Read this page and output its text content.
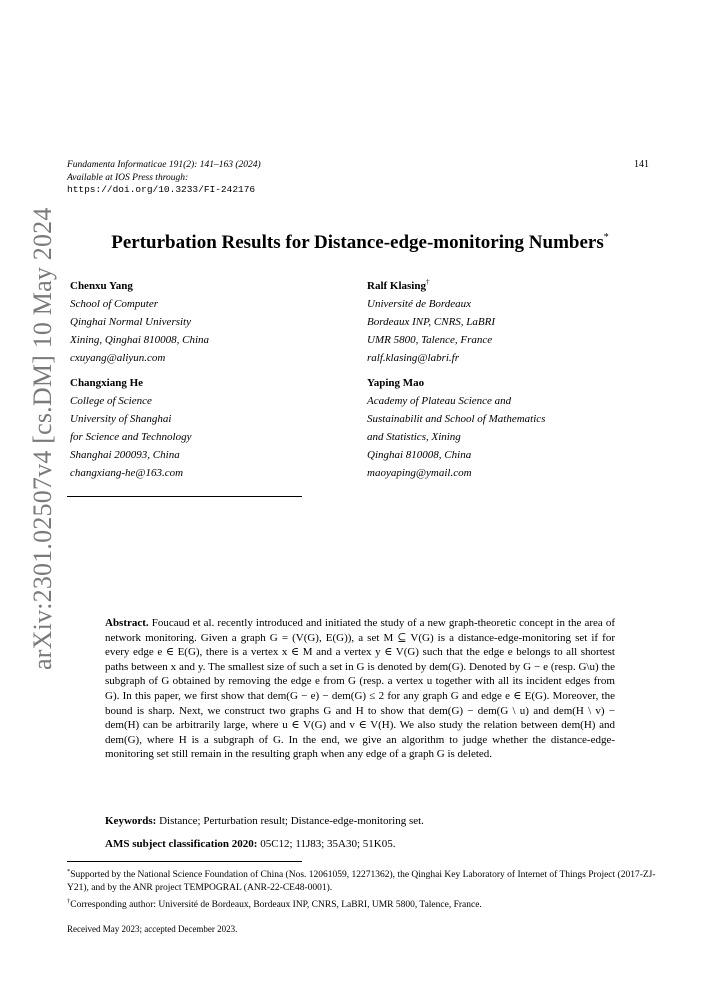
Fundamenta Informaticae 191(2): 141–163 (2024)
Available at IOS Press through:
https://doi.org/10.3233/FI-242176
141
arXiv:2301.02507v4 [cs.DM] 10 May 2024	Perturbation Results for Distance-edge-monitoring Numbers*
Chenxu Yang
School of Computer
Qinghai Normal University
Xining, Qinghai 810008, China
cxuyang@aliyun.com
Ralf Klasing†
Université de Bordeaux
Bordeaux INP, CNRS, LaBRI
UMR 5800, Talence, France
ralf.klasing@labri.fr
Changxiang He
College of Science
University of Shanghai
for Science and Technology
Shanghai 200093, China
changxiang-he@163.com
Yaping Mao
Academy of Plateau Science and
Sustainabilit and School of Mathematics
and Statistics, Xining
Qinghai 810008, China
maoyaping@ymail.com
Abstract. Foucaud et al. recently introduced and initiated the study of a new graph-theoretic concept in the area of network monitoring. Given a graph G = (V(G), E(G)), a set M ⊆ V(G) is a distance-edge-monitoring set if for every edge e ∈ E(G), there is a vertex x ∈ M and a vertex y ∈ V(G) such that the edge e belongs to all shortest paths between x and y. The smallest size of such a set in G is denoted by dem(G). Denoted by G − e (resp. G\u) the subgraph of G obtained by removing the edge e from G (resp. a vertex u together with all its incident edges from G). In this paper, we first show that dem(G − e) − dem(G) ≤ 2 for any graph G and edge e ∈ E(G). Moreover, the bound is sharp. Next, we construct two graphs G and H to show that dem(G) − dem(G \ u) and dem(H \ v) − dem(H) can be arbitrarily large, where u ∈ V(G) and v ∈ V(H). We also study the relation between dem(H) and dem(G), where H is a subgraph of G. In the end, we give an algorithm to judge whether the distance-edge-monitoring set still remain in the resulting graph when any edge of a graph G is deleted.
Keywords: Distance; Perturbation result; Distance-edge-monitoring set.
AMS subject classification 2020: 05C12; 11J83; 35A30; 51K05.
*Supported by the National Science Foundation of China (Nos. 12061059, 12271362), the Qinghai Key Laboratory of Internet of Things Project (2017-ZJ-Y21), and by the ANR project TEMPOGRAL (ANR-22-CE48-0001).
†Corresponding author: Université de Bordeaux, Bordeaux INP, CNRS, LaBRI, UMR 5800, Talence, France.
Received May 2023; accepted December 2023.
